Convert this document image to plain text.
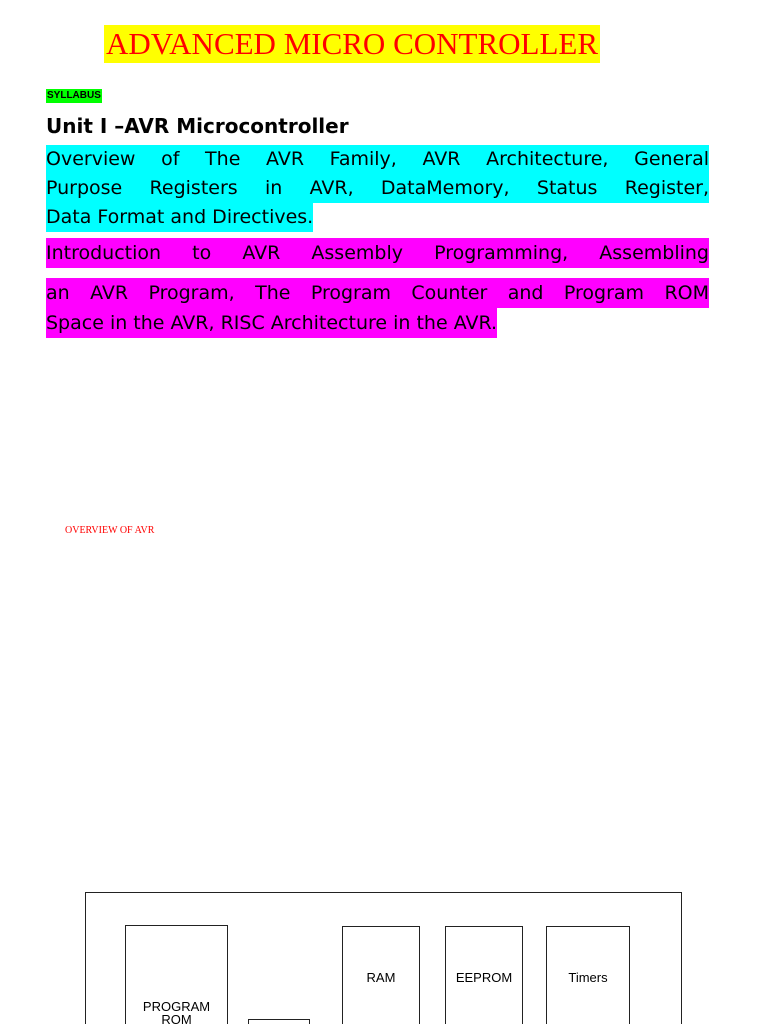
ADVANCED MICRO CONTROLLER
SYLLABUS
Unit I –AVR Microcontroller
Overview of The AVR Family, AVR Architecture, General
Purpose Registers in AVR, DataMemory, Status Register,
Data Format and Directives.
Introduction to AVR Assembly Programming, Assembling
an AVR Program, The Program Counter and Program ROM
Space in the AVR, RISC Architecture in the AVR.
OVERVIEW OF AVR
PROGRAM
ROM
RAM	EEPROM	Timers
